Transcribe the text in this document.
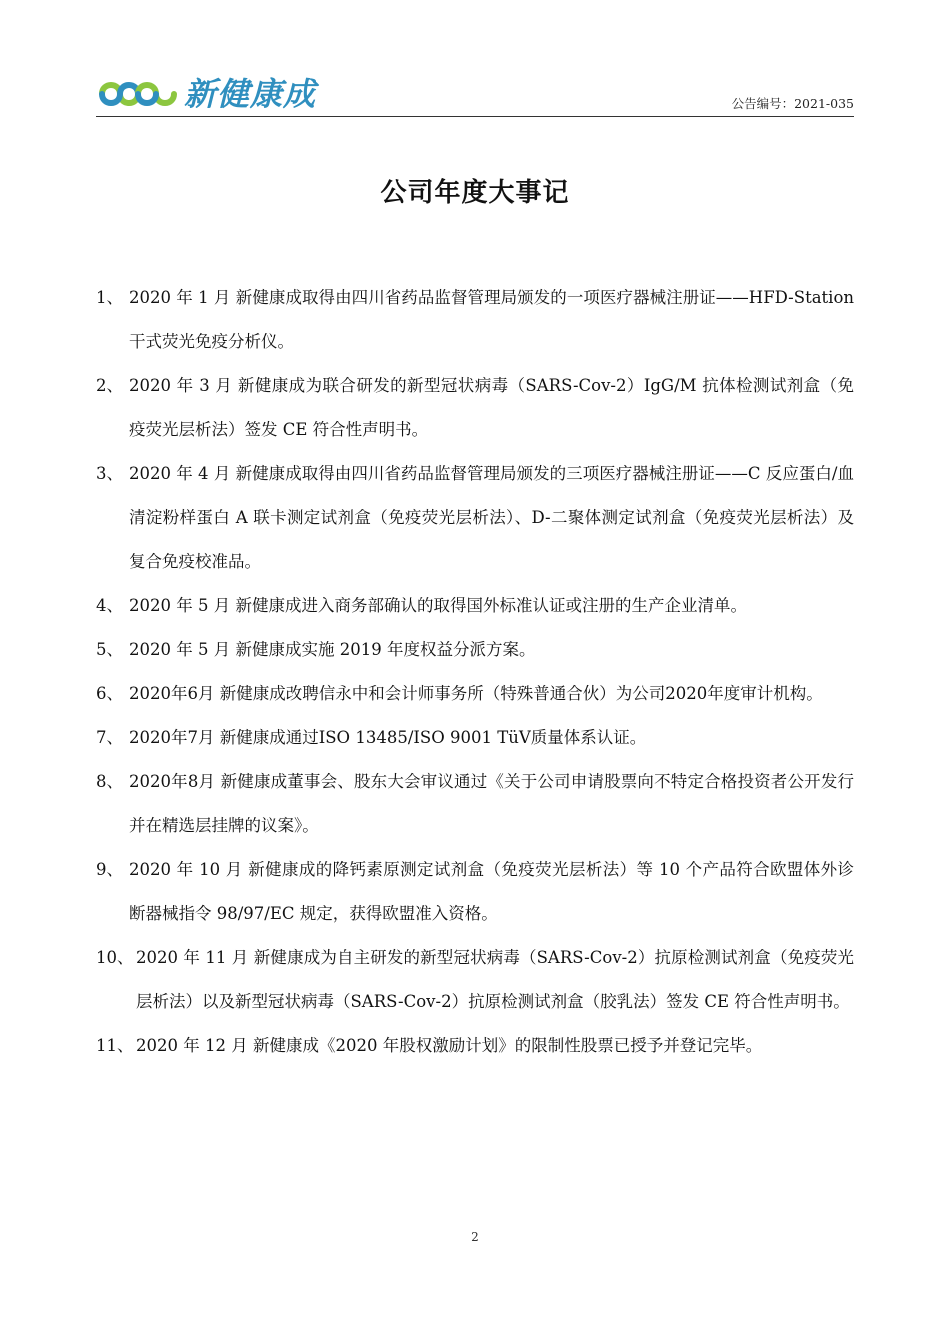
新健康成	公告编号：2021-035
公司年度大事记
1、 2020 年 1 月 新健康成取得由四川省药品监督管理局颁发的一项医疗器械注册证——HFD-Station 干式荧光免疫分析仪。
2、 2020 年 3 月 新健康成为联合研发的新型冠状病毒（SARS-Cov-2）IgG/M 抗体检测试剂盒（免疫荧光层析法）签发 CE 符合性声明书。
3、 2020 年 4 月 新健康成取得由四川省药品监督管理局颁发的三项医疗器械注册证——C 反应蛋白/血清淀粉样蛋白 A 联卡测定试剂盒（免疫荧光层析法）、D-二聚体测定试剂盒（免疫荧光层析法）及复合免疫校准品。
4、 2020 年 5 月 新健康成进入商务部确认的取得国外标准认证或注册的生产企业清单。
5、 2020 年 5 月 新健康成实施 2019 年度权益分派方案。
6、 2020年6月 新健康成改聘信永中和会计师事务所（特殊普通合伙）为公司2020年度审计机构。
7、 2020年7月 新健康成通过ISO 13485/ISO 9001 TüV质量体系认证。
8、 2020年8月 新健康成董事会、股东大会审议通过《关于公司申请股票向不特定合格投资者公开发行并在精选层挂牌的议案》。
9、 2020 年 10 月 新健康成的降钙素原测定试剂盒（免疫荧光层析法）等 10 个产品符合欧盟体外诊断器械指令 98/97/EC 规定，获得欧盟准入资格。
10、 2020 年 11 月 新健康成为自主研发的新型冠状病毒（SARS-Cov-2）抗原检测试剂盒（免疫荧光层析法）以及新型冠状病毒（SARS-Cov-2）抗原检测试剂盒（胶乳法）签发 CE 符合性声明书。
11、 2020 年 12 月 新健康成《2020 年股权激励计划》的限制性股票已授予并登记完毕。
2
